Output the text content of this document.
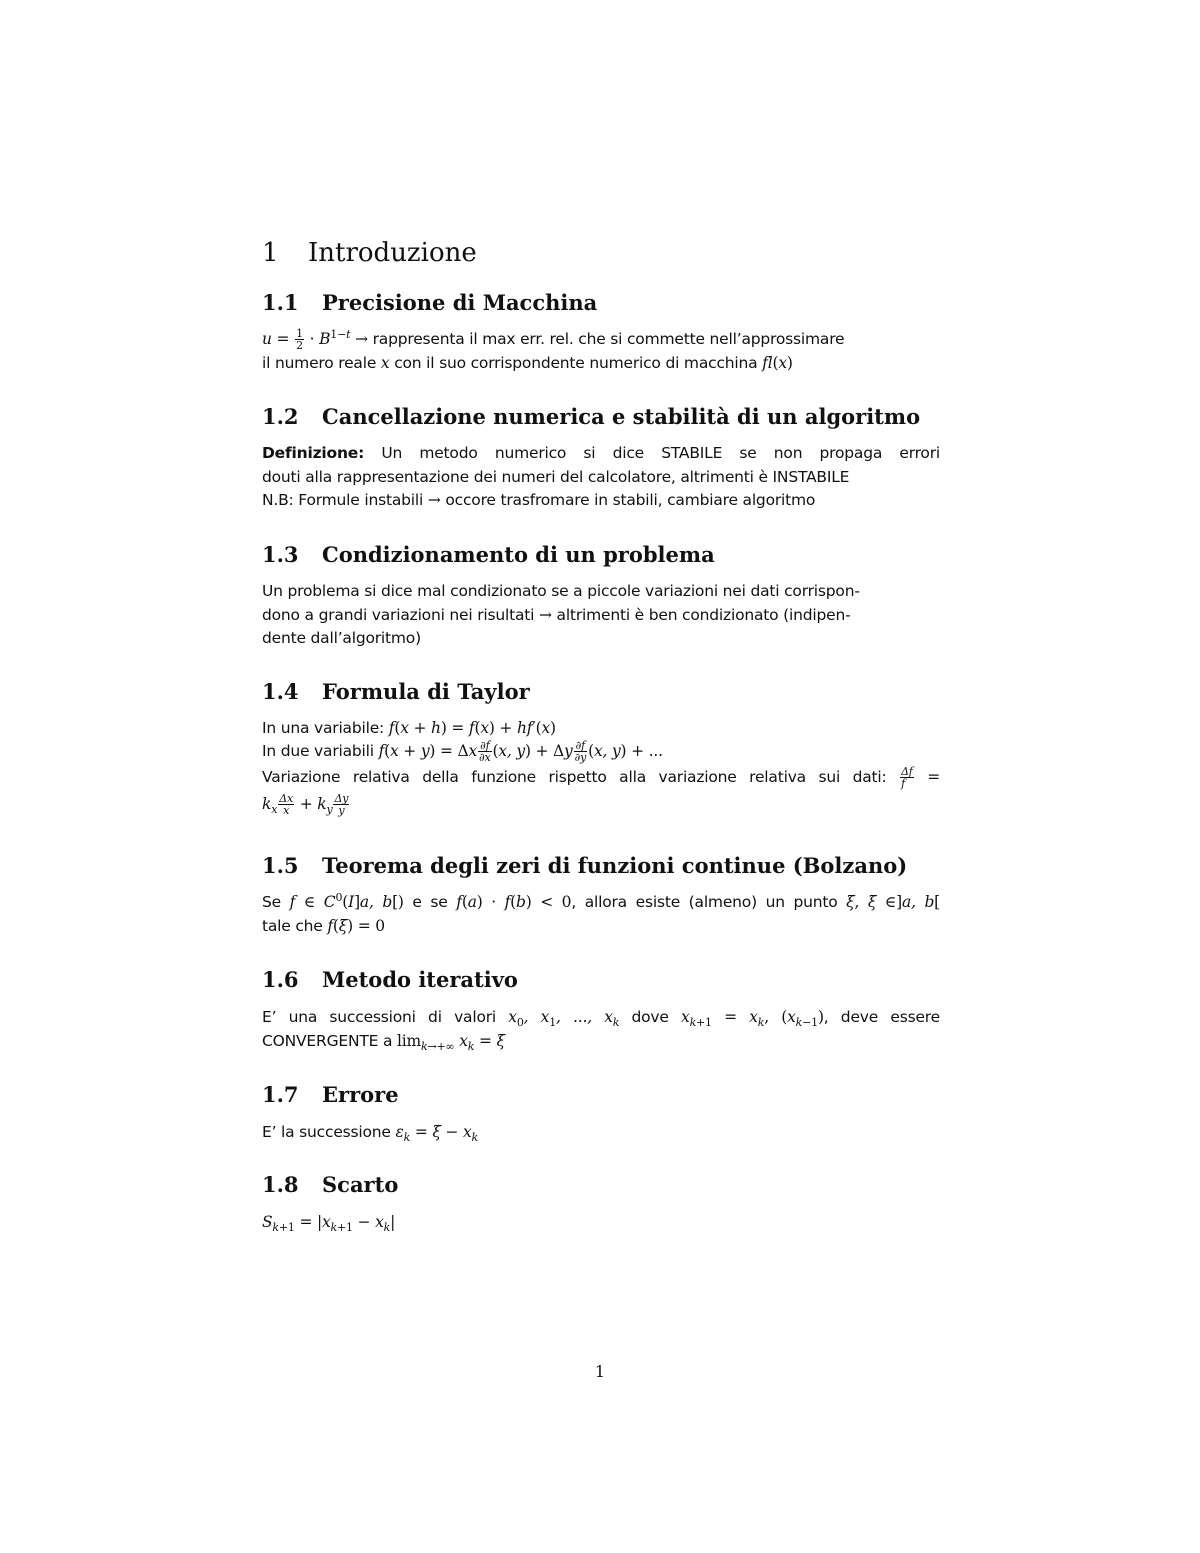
1 Introduzione
1.1 Precisione di Macchina
$u = \frac{1}{2} \cdot B^{1-t}$ → rappresenta il max err. rel. che si commette nell’approssimare
il numero reale x con il suo corrispondente numerico di macchina fl(x)
1.2 Cancellazione numerica e stabilità di un algoritmo
Definizione: Un metodo numerico si dice STABILE se non propaga errori
douti alla rappresentazione dei numeri del calcolatore, altrimenti è INSTABILE
N.B: Formule instabili → occore trasfromare in stabili, cambiare algoritmo
1.3 Condizionamento di un problema
Un problema si dice mal condizionato se a piccole variazioni nei dati corrispon-
dono a grandi variazioni nei risultati → altrimenti è ben condizionato (indipen-
dente dall’algoritmo)
1.4 Formula di Taylor
In una variabile: f(x + h) = f(x) + hf′(x)
In due variabili f(x + y) = Δx $\frac{\partial f}{\partial x} (x$, y) + Δy $\frac{\partial f}{\partial y} (x$, y) + ...
Variazione relativa della funzione rispetto alla variazione relativa sui dati: $\frac{\Delta f}{f}$ =
$k_x \frac{\Delta x}{x} + k_y \frac{\Delta y}{y}$
1.5 Teorema degli zeri di funzioni continue (Bolzano)
Se f ∈ $C^0(I]a$, b[) e se f(a) · f(b) < 0, allora esiste (almeno) un punto ξ, ξ ∈]a, b[
tale che f(ξ) = 0
1.6 Metodo iterativo
E’ una successioni di valori $x_0$, $x_1$, ..., $x_k$ dove $x_{k+1} = x_k$, $(x_{k-1})$, deve essere
CONVERGENTE a $\lim_{k\to+\infty} x_k = \xi$
1.7 Errore
E’ la successione $\varepsilon_k = \xi - x_k$
1.8 Scarto
$S_{k+1} = |x_{k+1} - x_k|$
1
